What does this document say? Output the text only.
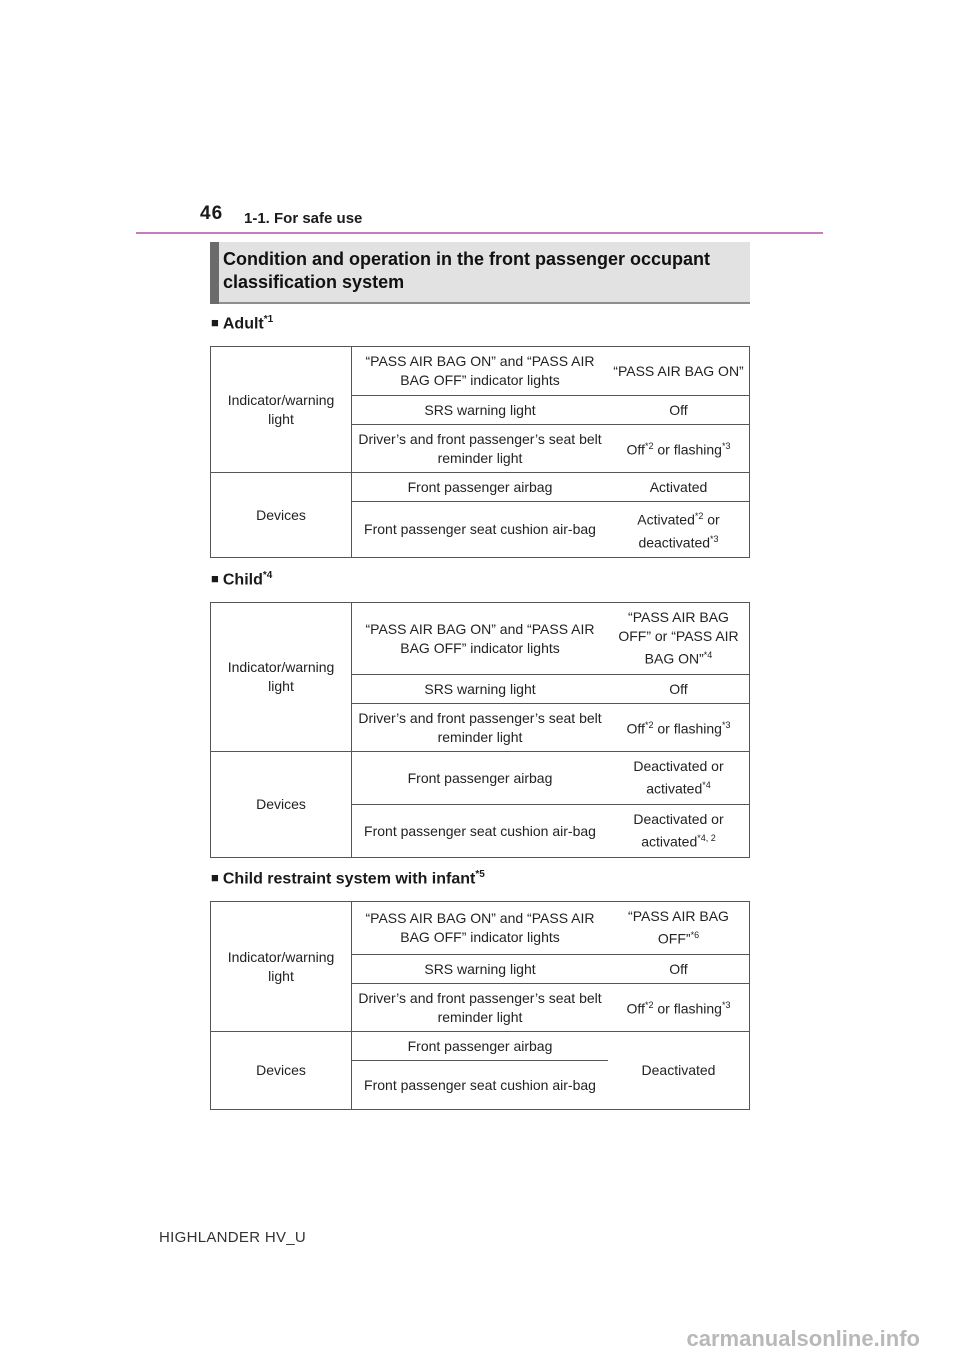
46 1-1. For safe use
Condition and operation in the front passenger occupant classification system
■ Adult$^{*1}$
Indicator/warning light	“PASS AIR BAG ON” and “PASS AIR BAG OFF” indicator lights	“PASS AIR BAG ON”
	SRS warning light	Off
	Driver’s and front passenger’s seat belt reminder light	Off$^{*2}$ or flashing$^{*3}$
Devices	Front passenger airbag	Activated
	Front passenger seat cushion air-bag	Activated$^{*2}$ or deactivated$^{*3}$
■ Child$^{*4}$
Indicator/warning light	“PASS AIR BAG ON” and “PASS AIR BAG OFF” indicator lights	“PASS AIR BAG OFF” or “PASS AIR BAG ON”$^{*4}$
	SRS warning light	Off
	Driver’s and front passenger’s seat belt reminder light	Off$^{*2}$ or flashing$^{*3}$
Devices	Front passenger airbag	Deactivated or activated$^{*4}$
	Front passenger seat cushion air-bag	Deactivated or activated$^{*4, 2}$
■ Child restraint system with infant$^{*5}$
Indicator/warning light	“PASS AIR BAG ON” and “PASS AIR BAG OFF” indicator lights	“PASS AIR BAG OFF”$^{*6}$
	SRS warning light	Off
	Driver’s and front passenger’s seat belt reminder light	Off$^{*2}$ or flashing$^{*3}$
Devices	Front passenger airbag	Deactivated
	Front passenger seat cushion air-bag	
HIGHLANDER HV_U
carmanualsonline.info
